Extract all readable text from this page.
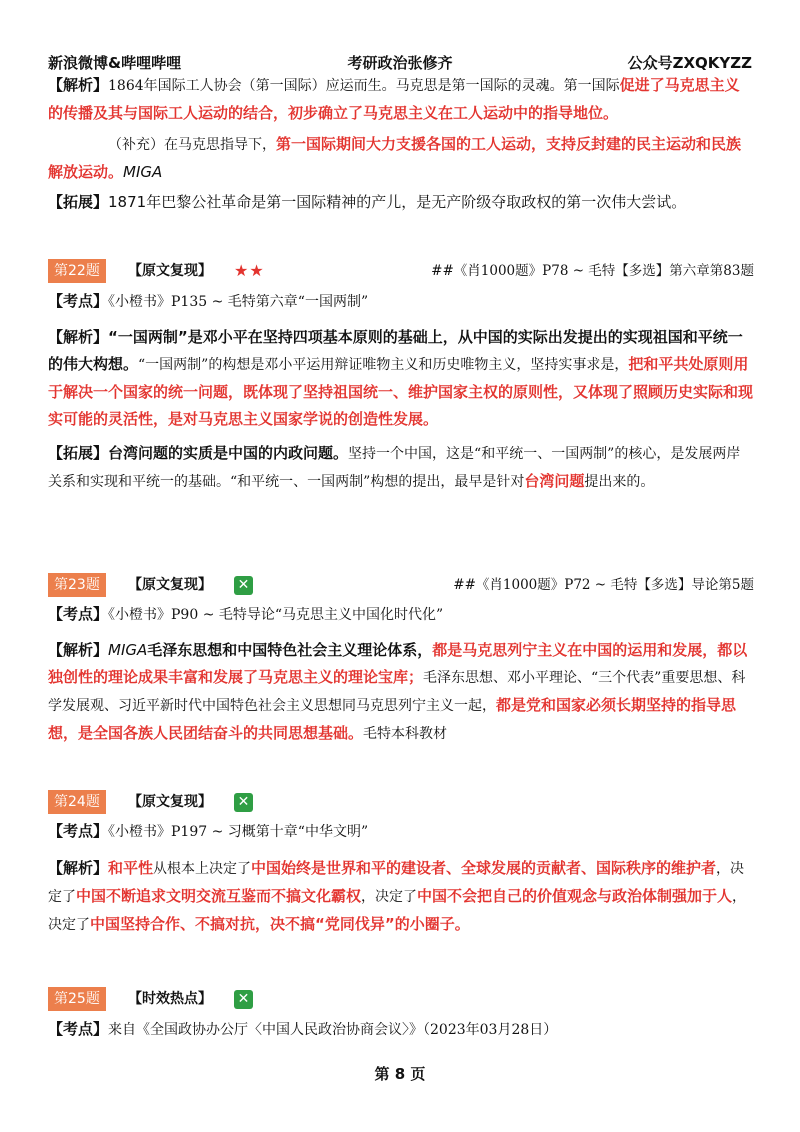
新浪微博&哔哩哔哩	考研政治张修齐	公众号ZXQKYZZ
【解析】1864年国际工人协会（第一国际）应运而生。马克思是第一国际的灵魂。第一国际促进了马克思主义的传播及其与国际工人运动的结合，初步确立了马克思主义在工人运动中的指导地位。
（补充）在马克思指导下，第一国际期间大力支援各国的工人运动，支持反封建的民主运动和民族解放运动。MIGA
【拓展】1871年巴黎公社革命是第一国际精神的产儿，是无产阶级夺取政权的第一次伟大尝试。
第22题	【原文复现】 ★★	##《肖1000题》P78 ~ 毛特【多选】第六章第83题
【考点】《小橙书》P135 ~ 毛特第六章“一国两制”
【解析】“一国两制”是邓小平在坚持四项基本原则的基础上，从中国的实际出发提出的实现祖国和平统一的伟大构想。“一国两制”的构想是邓小平运用辩证唯物主义和历史唯物主义，坚持实事求是，把和平共处原则用于解决一个国家的统一问题，既体现了坚持祖国统一、维护国家主权的原则性，又体现了照顾历史实际和现实可能的灵活性，是对马克思主义国家学说的创造性发展。
【拓展】台湾问题的实质是中国的内政问题。坚持一个中国，这是“和平统一、一国两制”的核心，是发展两岸关系和实现和平统一的基础。“和平统一、一国两制”构想的提出，最早是针对台湾问题提出来的。
第23题	【原文复现】 ✕	##《肖1000题》P72 ~ 毛特【多选】导论第5题
【考点】《小橙书》P90 ~ 毛特导论“马克思主义中国化时代化”
【解析】MIGA毛泽东思想和中国特色社会主义理论体系，都是马克思列宁主义在中国的运用和发展，都以独创性的理论成果丰富和发展了马克思主义的理论宝库；毛泽东思想、邓小平理论、“三个代表”重要思想、科学发展观、习近平新时代中国特色社会主义思想同马克思列宁主义一起，都是党和国家必须长期坚持的指导思想，是全国各族人民团结奋斗的共同思想基础。毛特本科教材
第24题	【原文复现】 ✕
【考点】《小橙书》P197 ~ 习概第十章“中华文明”
【解析】和平性从根本上决定了中国始终是世界和平的建设者、全球发展的贡献者、国际秩序的维护者，决定了中国不断追求文明交流互鉴而不搞文化霸权，决定了中国不会把自己的价值观念与政治体制强加于人，决定了中国坚持合作、不搞对抗，决不搞“党同伐异”的小圈子。
第25题	【时效热点】 ✕
【考点】来自《全国政协办公厅〈中国人民政治协商会议〉》（2023年03月28日）
第 8 页
